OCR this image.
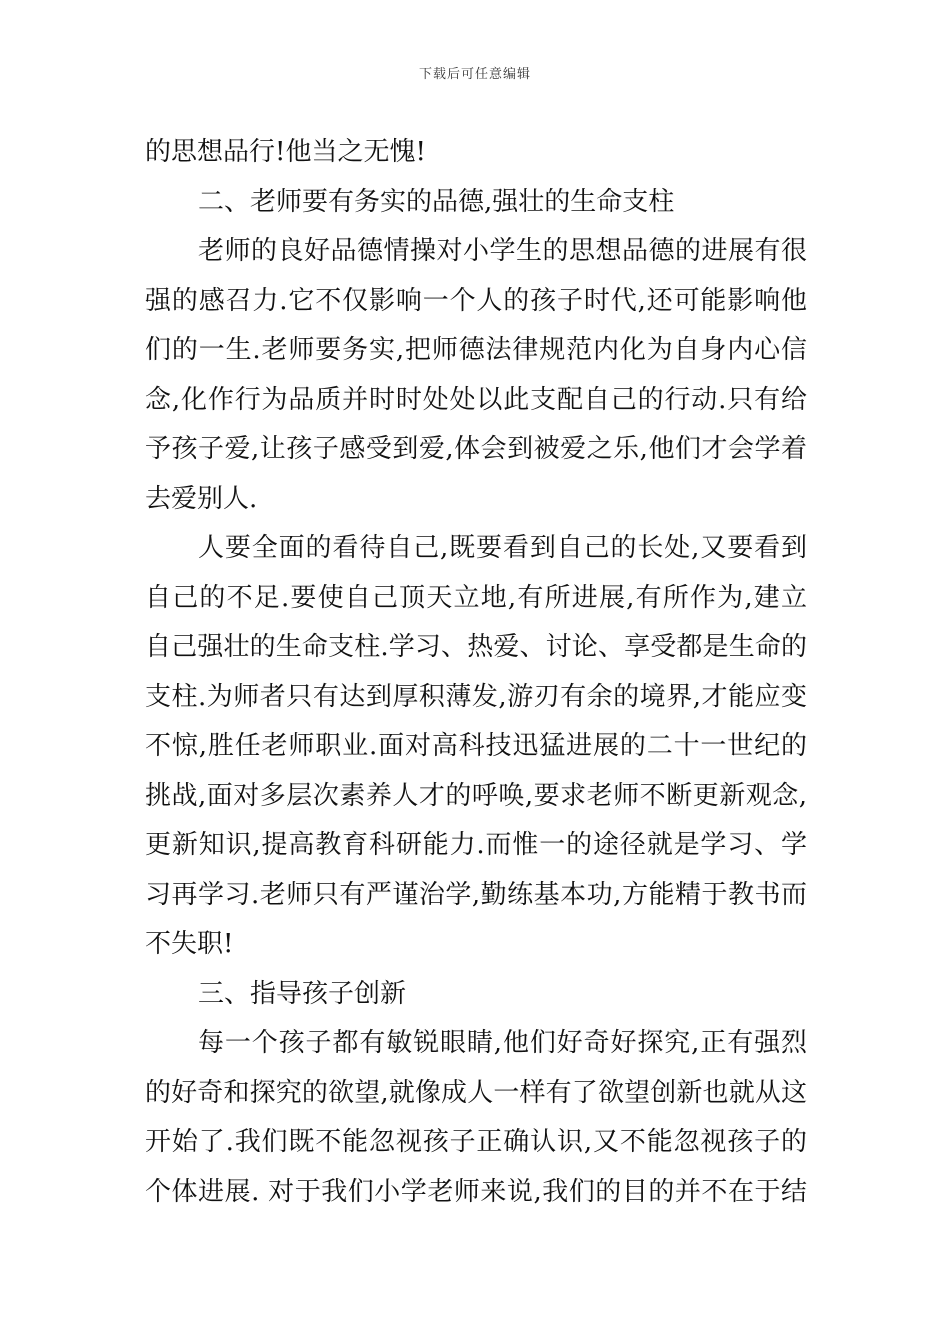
下载后可任意编辑
的思想品行!他当之无愧!
二、老师要有务实的品德,强壮的生命支柱
老师的良好品德情操对小学生的思想品德的进展有很
强的感召力.它不仅影响一个人的孩子时代,还可能影响他
们的一生.老师要务实,把师德法律规范内化为自身内心信
念,化作行为品质并时时处处以此支配自己的行动.只有给
予孩子爱,让孩子感受到爱,体会到被爱之乐,他们才会学着
去爱别人.
人要全面的看待自己,既要看到自己的长处,又要看到
自己的不足.要使自己顶天立地,有所进展,有所作为,建立
自己强壮的生命支柱.学习、热爱、讨论、享受都是生命的
支柱.为师者只有达到厚积薄发,游刃有余的境界,才能应变
不惊,胜任老师职业.面对高科技迅猛进展的二十一世纪的
挑战,面对多层次素养人才的呼唤,要求老师不断更新观念,
更新知识,提高教育科研能力.而惟一的途径就是学习、学
习再学习.老师只有严谨治学,勤练基本功,方能精于教书而
不失职!
三、指导孩子创新
每一个孩子都有敏锐眼睛,他们好奇好探究,正有强烈
的好奇和探究的欲望,就像成人一样有了欲望创新也就从这
开始了.我们既不能忽视孩子正确认识,又不能忽视孩子的
个体进展. 对于我们小学老师来说,我们的目的并不在于结
